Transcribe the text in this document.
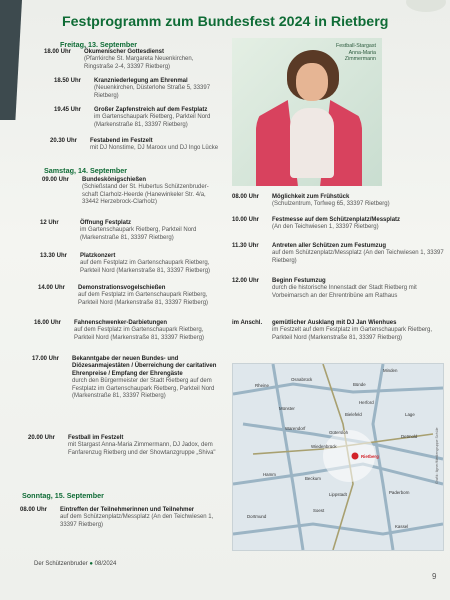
Festprogramm zum Bundesfest 2024 in Rietberg
Freitag, 13. September
18.00 Uhr Ökumenischer Gottesdienst
(Pfarrkirche St. Margareta Neuenkirchen, Ringstraße 2-4, 33397 Rietberg)
18.50 Uhr Kranzniederlegung am Ehrenmal
(Neuenkirchen, Düsterlohe Straße 5, 33397 Rietberg)
19.45 Uhr Großer Zapfenstreich auf dem Festplatz
im Gartenschaupark Rietberg, Parkteil Nord (Markenstraße 81, 33397 Rietberg)
20.30 Uhr Festabend im Festzelt
mit DJ Nonstime, DJ Maroox und DJ Ingo Lücke
Samstag, 14. September
09.00 Uhr Bundeskönigschießen
(Schießstand der St. Hubertus Schützenbruder- schaft Clarholz-Heerde (Hanewinkeler Str. 4/a, 33442 Herzebrock-Clarholz)
12 Uhr	Öffnung Festplatz
im Gartenschaupark Rietberg, Parkteil Nord (Markenstraße 81, 33397 Rietberg)
13.30 Uhr Platzkonzert
auf dem Festplatz im Gartenschaupark Rietberg, Parkteil Nord (Markenstraße 81, 33397 Rietberg)
14.00 Uhr Demonstrationsvogelschießen
auf dem Festplatz im Gartenschaupark Rietberg, Parkteil Nord (Markenstraße 81, 33397 Rietberg)
16.00 Uhr Fahnenschwenker-Darbietungen
auf dem Festplatz im Gartenschaupark Rietberg, Parkteil Nord (Markenstraße 81, 33397 Rietberg)
17.00 Uhr Bekanntgabe der neuen Bundes- und Diözesanmajestäten / Überreichung der caritativen Ehrenpreise / Empfang der Ehrengäste
durch den Bürgermeister der Stadt Rietberg auf dem Festplatz im Gartenschaupark Rietberg, Parkteil Nord (Markenstraße 81, 33397 Rietberg)
20.00 Uhr Festball im Festzelt
mit Stargast Anna-Maria Zimmermann, DJ Jadox, dem Fanfarenzug Rietberg und der Showtanzgruppe „Shiva"
Sonntag, 15. September
08.00 Uhr Eintreffen der Teilnehmerinnen und Teilnehmer
auf dem Schützenplatz/Messplatz (An den Teichwiesen 1, 33397 Rietberg)
08.00 Uhr Möglichkeit zum Frühstück
(Schulzentrum, Torfweg 65, 33397 Rietberg)
10.00 Uhr Festmesse auf dem Schützenplatz/Messplatz
(An den Teichwiesen 1, 33397 Rietberg)
11.30 Uhr Antreten aller Schützen zum Festumzug
auf dem Schützenplatz/Messplatz (An den Teichwiesen 1, 33397 Rietberg)
12.00 Uhr Beginn Festumzug
durch die historische Innenstadt der Stadt Rietberg mit Vorbeimarsch an der Ehrentribüne am Rathaus
im Anschl. gemütlicher Ausklang mit DJ Jan Wienhues
im Festzelt auf dem Festplatz im Gartenschaupark Rietberg, Parkteil Nord (Markenstraße 81, 33397 Rietberg)
Festball-Stargast
Anna-Maria
Zimmermann
Minden
Osnabrück
Bünde
Rheine
Herford
Lage
Bielefeld
Münster
Warendorf
Gütersloh
Detmold
Wiedenbrück
Rietberg
Hamm
Beckum
Lippstadt	Paderborn
Dortmund
Soest
Kassel
Grafik: Ilgner/Mediengruppe Schüle
Der Schützenbruder ● 08/2024
9
